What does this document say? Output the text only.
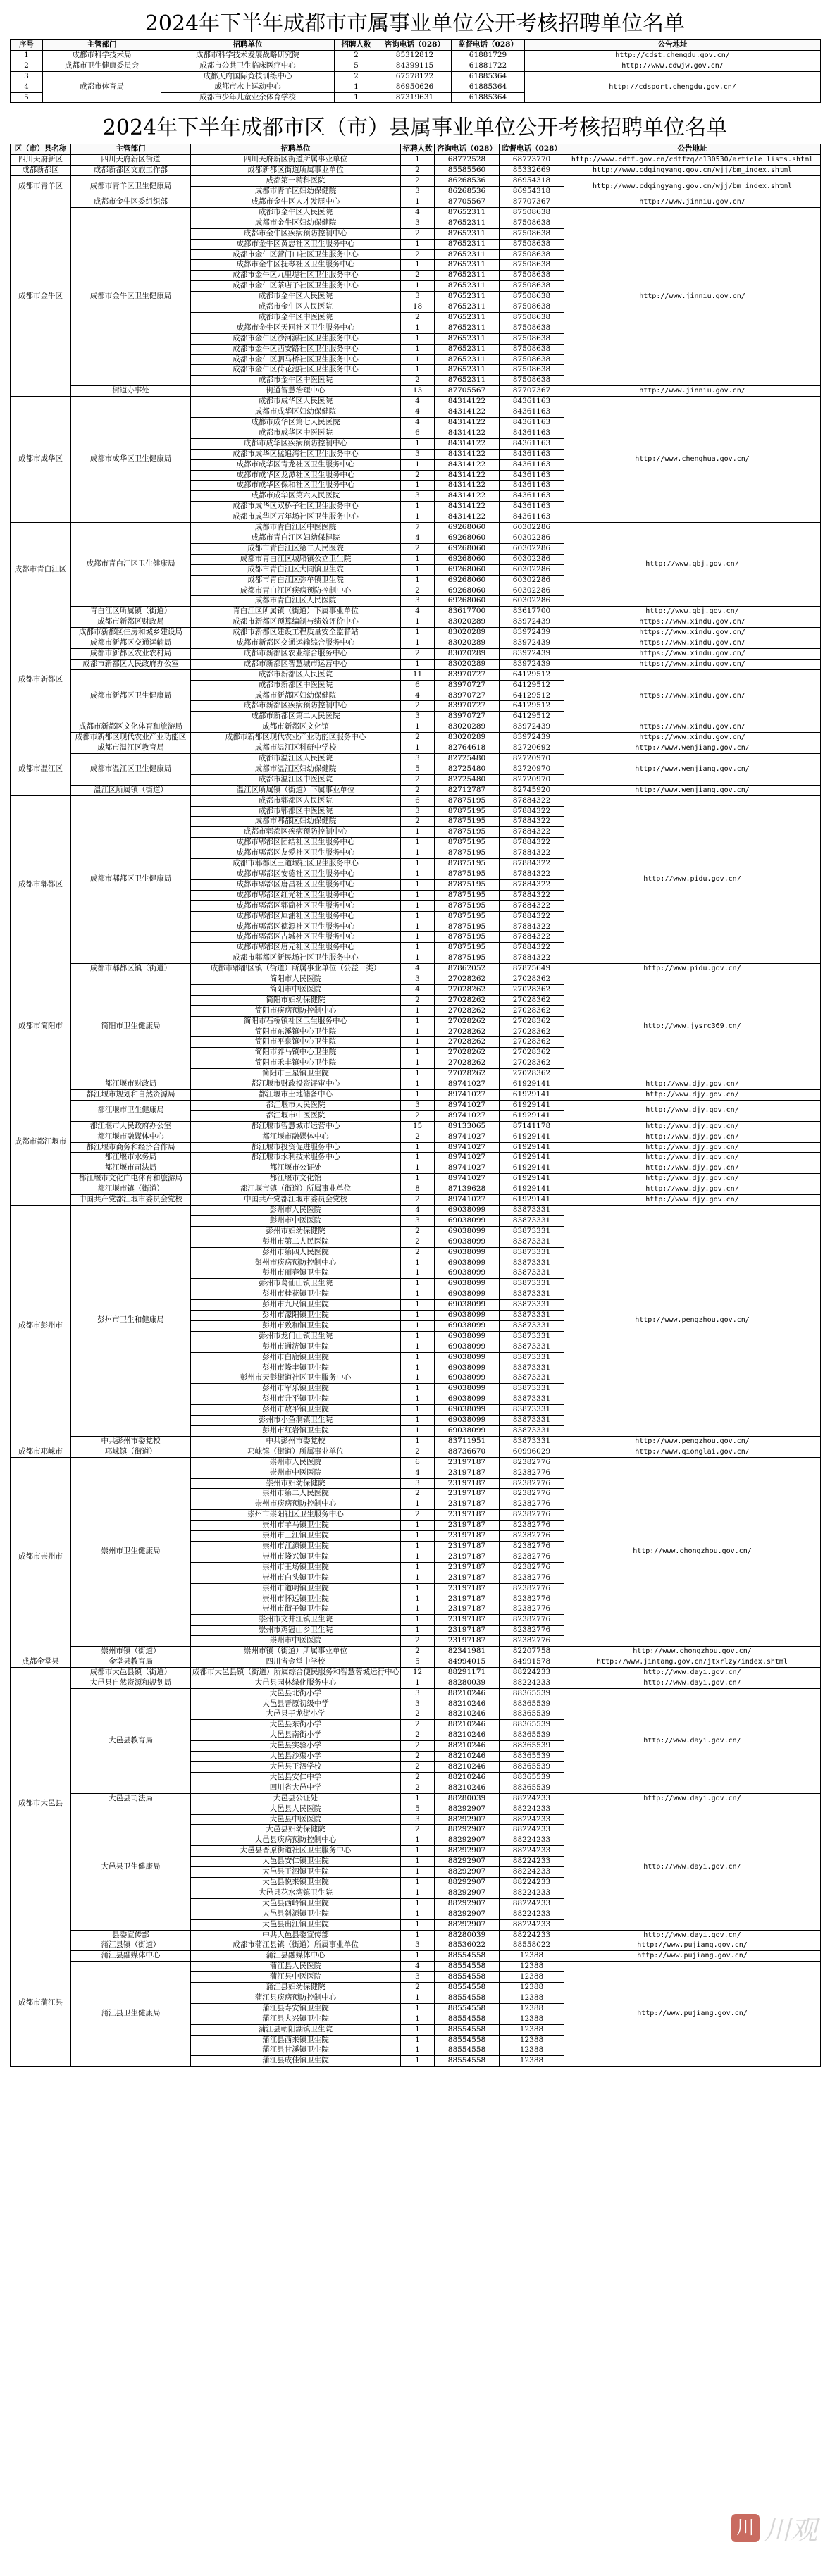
2024年下半年成都市市属事业单位公开考核招聘单位名单
序号	主管部门	招聘单位	招聘人数	咨询电话（028）	监督电话（028）	公告地址
1	成都市科学技术局	成都市科学技术发展战略研究院	2	85312812	61881729	http://cdst.chengdu.gov.cn/
2	成都市卫生健康委员会	成都市公共卫生临床医疗中心	5	84399115	61881722	http://www.cdwjw.gov.cn/
3	成都市体育局	成都天府国际竞技训练中心	2	67578122	61885364	http://cdsport.chengdu.gov.cn/
4		成都市水上运动中心	1	86950626	61885364	
5		成都市少年儿童业余体育学校	1	87319631	61885364	
2024年下半年成都市区（市）县属事业单位公开考核招聘单位名单
区（市）县名称	主管部门	招聘单位	招聘人数	咨询电话（028）	监督电话（028）	公告地址
四川天府新区	四川天府新区街道	四川天府新区街道所属事业单位	1	68772528	68773770	http://www.cdtf.gov.cn/cdtfzq/c130530/article_lists.shtml
成都新都区	成都新都区文旅工作部	成都新都区街道所属事业单位	2	85585560	85332669	http://www.cdqingyang.gov.cn/wjj/bm_index.shtml
成都市青羊区	成都市青羊区卫生健康局	成都第一精科医院	2	86268536	86954318	http://www.cdqingyang.gov.cn/wjj/bm_index.shtml
		成都市青羊区妇幼保健院	3	86268536	86954318	
成都市金牛区	成都市金牛区委组织部	成都市金牛区人才发展中心	1	87705567	87707367	http://www.jinniu.gov.cn/
	成都市金牛区卫生健康局	成都市金牛区人民医院	4	87652311	87508638	http://www.jinniu.gov.cn/
		成都市金牛区妇幼保健院	3	87652311	87508638	
		成都市金牛区疾病预防控制中心	2	87652311	87508638	
		成都市金牛区黄忠社区卫生服务中心	1	87652311	87508638	
		成都市金牛区营门口社区卫生服务中心	2	87652311	87508638	
		成都市金牛区抚琴社区卫生服务中心	1	87652311	87508638	
		成都市金牛区九里堤社区卫生服务中心	2	87652311	87508638	
		成都市金牛区茶店子社区卫生服务中心	1	87652311	87508638	
		成都市金牛区人民医院	3	87652311	87508638	
		成都市金牛区人民医院	18	87652311	87508638	
		成都市金牛区中医医院	2	87652311	87508638	
		成都市金牛区天回社区卫生服务中心	1	87652311	87508638	
		成都市金牛区沙河源社区卫生服务中心	1	87652311	87508638	
		成都市金牛区西安路社区卫生服务中心	1	87652311	87508638	
		成都市金牛区驷马桥社区卫生服务中心	1	87652311	87508638	
		成都市金牛区荷花池社区卫生服务中心	1	87652311	87508638	
		成都市金牛区中医医院	2	87652311	87508638	
	街道办事处	街道智慧治理中心	13	87705567	87707367	http://www.jinniu.gov.cn/
成都市成华区	成都市成华区卫生健康局	成都市成华区人民医院	4	84314122	84361163	http://www.chenghua.gov.cn/
		成都市成华区妇幼保健院	4	84314122	84361163	
		成都市成华区第七人民医院	4	84314122	84361163	
		成都市成华区中医医院	6	84314122	84361163	
		成都市成华区疾病预防控制中心	1	84314122	84361163	
		成都市成华区猛追湾社区卫生服务中心	3	84314122	84361163	
		成都市成华区青龙社区卫生服务中心	1	84314122	84361163	
		成都市成华区龙潭社区卫生服务中心	2	84314122	84361163	
		成都市成华区保和社区卫生服务中心	1	84314122	84361163	
		成都市成华区第六人民医院	3	84314122	84361163	
		成都市成华区双桥子社区卫生服务中心	1	84314122	84361163	
		成都市成华区万年场社区卫生服务中心	1	84314122	84361163	
成都市青白江区	成都市青白江区卫生健康局	成都市青白江区中医医院	7	69268060	60302286	http://www.qbj.gov.cn/
		成都市青白江区妇幼保健院	4	69268060	60302286	
		成都市青白江区第二人民医院	2	69268060	60302286	
		成都市青白江区城厢镇公立卫生院	1	69268060	60302286	
		成都市青白江区大同镇卫生院	1	69268060	60302286	
		成都市青白江区弥牟镇卫生院	1	69268060	60302286	
		成都市青白江区疾病预防控制中心	2	69268060	60302286	
		成都市青白江区人民医院	3	69268060	60302286	
	青白江区所属镇（街道）	青白江区所属镇（街道）下属事业单位	4	83617700	83617700	http://www.qbj.gov.cn/
成都市新都区	成都市新都区财政局	成都市新都区预算编制与绩效评价中心	1	83020289	83972439	https://www.xindu.gov.cn/
	成都市新都区住房和城乡建设局	成都市新都区建设工程质量安全监督站	1	83020289	83972439	https://www.xindu.gov.cn/
	成都市新都区交通运输局	成都市新都区交通运输综合服务中心	1	83020289	83972439	https://www.xindu.gov.cn/
	成都市新都区农业农村局	成都市新都区农业综合服务中心	2	83020289	83972439	https://www.xindu.gov.cn/
	成都市新都区人民政府办公室	成都市新都区智慧城市运营中心	1	83020289	83972439	https://www.xindu.gov.cn/
	成都市新都区卫生健康局	成都市新都区人民医院	11	83970727	64129512	https://www.xindu.gov.cn/
		成都市新都区中医医院	6	83970727	64129512	
		成都市新都区妇幼保健院	4	83970727	64129512	
		成都市新都区疾病预防控制中心	2	83970727	64129512	
		成都市新都区第二人民医院	3	83970727	64129512	
	成都市新都区文化体育和旅游局	成都市新都区文化馆	1	83020289	83972439	https://www.xindu.gov.cn/
	成都市新都区现代农业产业功能区	成都市新都区现代农业产业功能区服务中心	2	83020289	83972439	https://www.xindu.gov.cn/
成都市温江区	成都市温江区教育局	成都市温江区科研中学校	1	82764618	82720692	http://www.wenjiang.gov.cn/
	成都市温江区卫生健康局	成都市温江区人民医院	3	82725480	82720970	http://www.wenjiang.gov.cn/
		成都市温江区妇幼保健院	5	82725480	82720970	
		成都市温江区中医医院	2	82725480	82720970	
	温江区所属镇（街道）	温江区所属镇（街道）下属事业单位	2	82712787	82745920	http://www.wenjiang.gov.cn/
成都市郫都区	成都市郫都区卫生健康局	成都市郫都区人民医院	6	87875195	87884322	http://www.pidu.gov.cn/
		成都市郫都区中医医院	3	87875195	87884322	
		成都市郫都区妇幼保健院	2	87875195	87884322	
		成都市郫都区疾病预防控制中心	1	87875195	87884322	
		成都市郫都区团结社区卫生服务中心	1	87875195	87884322	
		成都市郫都区友爱社区卫生服务中心	1	87875195	87884322	
		成都市郫都区三道堰社区卫生服务中心	1	87875195	87884322	
		成都市郫都区安德社区卫生服务中心	1	87875195	87884322	
		成都市郫都区唐昌社区卫生服务中心	1	87875195	87884322	
		成都市郫都区红光社区卫生服务中心	1	87875195	87884322	
		成都市郫都区郫筒社区卫生服务中心	1	87875195	87884322	
		成都市郫都区犀浦社区卫生服务中心	1	87875195	87884322	
		成都市郫都区德源社区卫生服务中心	1	87875195	87884322	
		成都市郫都区古城社区卫生服务中心	1	87875195	87884322	
		成都市郫都区唐元社区卫生服务中心	1	87875195	87884322	
		成都市郫都区新民场社区卫生服务中心	1	87875195	87884322	
	成都市郫都区镇（街道）	成都市郫都区镇（街道）所属事业单位（公益一类）	4	87862052	87875649	http://www.pidu.gov.cn/
成都市简阳市	简阳市卫生健康局	简阳市人民医院	3	27028262	27028362	http://www.jysrc369.cn/
		简阳市中医医院	4	27028262	27028362	
		简阳市妇幼保健院	2	27028262	27028362	
		简阳市疾病预防控制中心	1	27028262	27028362	
		简阳市石桥镇社区卫生服务中心	1	27028262	27028362	
		简阳市东溪镇中心卫生院	1	27028262	27028362	
		简阳市平泉镇中心卫生院	1	27028262	27028362	
		简阳市养马镇中心卫生院	1	27028262	27028362	
		简阳市禾丰镇中心卫生院	1	27028262	27028362	
		简阳市三星镇卫生院	1	27028262	27028362	
成都市都江堰市	都江堰市财政局	都江堰市财政投资评审中心	1	89741027	61929141	http://www.djy.gov.cn/
	都江堰市规划和自然资源局	都江堰市土地储备中心	1	89741027	61929141	http://www.djy.gov.cn/
	都江堰市卫生健康局	都江堰市人民医院	3	89741027	61929141	http://www.djy.gov.cn/
		都江堰市中医医院	2	89741027	61929141	
	都江堰市人民政府办公室	都江堰市智慧城市运营中心	15	89133065	87141178	http://www.djy.gov.cn/
	都江堰市融媒体中心	都江堰市融媒体中心	2	89741027	61929141	http://www.djy.gov.cn/
	都江堰市商务和经济合作局	都江堰市投资促进服务中心	1	89741027	61929141	http://www.djy.gov.cn/
	都江堰市水务局	都江堰市水利技术服务中心	1	89741027	61929141	http://www.djy.gov.cn/
	都江堰市司法局	都江堰市公证处	1	89741027	61929141	http://www.djy.gov.cn/
	都江堰市文化广电体育和旅游局	都江堰市文化馆	1	89741027	61929141	http://www.djy.gov.cn/
	都江堰市镇（街道）	都江堰市镇（街道）所属事业单位	8	87139628	61929141	http://www.djy.gov.cn/
	中国共产党都江堰市委员会党校	中国共产党都江堰市委员会党校	2	89741027	61929141	http://www.djy.gov.cn/
成都市彭州市	彭州市卫生和健康局	彭州市人民医院	4	69038099	83873331	http://www.pengzhou.gov.cn/
		彭州市中医医院	3	69038099	83873331	
		彭州市妇幼保健院	2	69038099	83873331	
		彭州市第二人民医院	2	69038099	83873331	
		彭州市第四人民医院	2	69038099	83873331	
		彭州市疾病预防控制中心	1	69038099	83873331	
		彭州市丽春镇卫生院	1	69038099	83873331	
		彭州市葛仙山镇卫生院	1	69038099	83873331	
		彭州市桂花镇卫生院	1	69038099	83873331	
		彭州市九尺镇卫生院	1	69038099	83873331	
		彭州市濛阳镇卫生院	1	69038099	83873331	
		彭州市致和镇卫生院	1	69038099	83873331	
		彭州市龙门山镇卫生院	1	69038099	83873331	
		彭州市通济镇卫生院	1	69038099	83873331	
		彭州市白鹿镇卫生院	1	69038099	83873331	
		彭州市隆丰镇卫生院	1	69038099	83873331	
		彭州市天彭街道社区卫生服务中心	1	69038099	83873331	
		彭州市军乐镇卫生院	1	69038099	83873331	
		彭州市升平镇卫生院	1	69038099	83873331	
		彭州市敖平镇卫生院	1	69038099	83873331	
		彭州市小鱼洞镇卫生院	1	69038099	83873331	
		彭州市红岩镇卫生院	1	69038099	83873331	
	中共彭州市委党校	中共彭州市委党校	1	83711951	83873331	http://www.pengzhou.gov.cn/
成都市邛崃市	邛崃镇（街道）	邛崃镇（街道）所属事业单位	2	88736670	60996029	http://www.qionglai.gov.cn/
成都市崇州市	崇州市卫生健康局	崇州市人民医院	6	23197187	82382776	http://www.chongzhou.gov.cn/
		崇州市中医医院	4	23197187	82382776	
		崇州市妇幼保健院	3	23197187	82382776	
		崇州市第二人民医院	2	23197187	82382776	
		崇州市疾病预防控制中心	1	23197187	82382776	
		崇州市崇阳社区卫生服务中心	2	23197187	82382776	
		崇州市羊马镇卫生院	1	23197187	82382776	
		崇州市三江镇卫生院	1	23197187	82382776	
		崇州市江源镇卫生院	1	23197187	82382776	
		崇州市隆兴镇卫生院	1	23197187	82382776	
		崇州市王场镇卫生院	1	23197187	82382776	
		崇州市白头镇卫生院	1	23197187	82382776	
		崇州市道明镇卫生院	1	23197187	82382776	
		崇州市怀远镇卫生院	1	23197187	82382776	
		崇州市街子镇卫生院	1	23197187	82382776	
		崇州市文井江镇卫生院	1	23197187	82382776	
		崇州市鸡冠山乡卫生院	1	23197187	82382776	
		崇州市中医医院	2	23197187	82382776	
	崇州市镇（街道）	崇州市镇（街道）所属事业单位	2	82341981	82207758	http://www.chongzhou.gov.cn/
成都金堂县	金堂县教育局	四川省金堂中学校	5	84994015	84991578	http://www.jintang.gov.cn/jtxrlzy/index.shtml
成都市大邑县	成都市大邑县镇（街道）	成都市大邑县镇（街道）所属综合便民服务和智慧蓉城运行中心	12	88291171	88224233	http://www.dayi.gov.cn/
	大邑县自然资源和规划局	大邑县园林绿化服务中心	1	88280039	88224233	http://www.dayi.gov.cn/
	大邑县教育局	大邑县北街小学	3	88210246	88365539	http://www.dayi.gov.cn/
		大邑县晋原初级中学	3	88210246	88365539	
		大邑县子龙街小学	2	88210246	88365539	
		大邑县东街小学	2	88210246	88365539	
		大邑县南街小学	2	88210246	88365539	
		大邑县实验小学	2	88210246	88365539	
		大邑县沙渠小学	2	88210246	88365539	
		大邑县王泗学校	2	88210246	88365539	
		大邑县安仁中学	2	88210246	88365539	
		四川省大邑中学	2	88210246	88365539	
	大邑县司法局	大邑县公证处	1	88280039	88224233	http://www.dayi.gov.cn/
	大邑县卫生健康局	大邑县人民医院	5	88292907	88224233	http://www.dayi.gov.cn/
		大邑县中医医院	3	88292907	88224233	
		大邑县妇幼保健院	2	88292907	88224233	
		大邑县疾病预防控制中心	1	88292907	88224233	
		大邑县晋原街道社区卫生服务中心	1	88292907	88224233	
		大邑县安仁镇卫生院	1	88292907	88224233	
		大邑县王泗镇卫生院	1	88292907	88224233	
		大邑县悦来镇卫生院	1	88292907	88224233	
		大邑县花水湾镇卫生院	1	88292907	88224233	
		大邑县西岭镇卫生院	1	88292907	88224233	
		大邑县斜源镇卫生院	1	88292907	88224233	
		大邑县出江镇卫生院	1	88292907	88224233	
	县委宣传部	中共大邑县委宣传部	1	88280039	88224233	http://www.dayi.gov.cn/
成都市蒲江县	蒲江县镇（街道）	成都市蒲江县镇（街道）所属事业单位	3	88536022	88558022	http://www.pujiang.gov.cn/
	蒲江县融媒体中心	蒲江县融媒体中心	1	88554558	12388	http://www.pujiang.gov.cn/
	蒲江县卫生健康局	蒲江县人民医院	4	88554558	12388	http://www.pujiang.gov.cn/
		蒲江县中医医院	3	88554558	12388	
		蒲江县妇幼保健院	2	88554558	12388	
		蒲江县疾病预防控制中心	1	88554558	12388	
		蒲江县寿安镇卫生院	1	88554558	12388	
		蒲江县大兴镇卫生院	1	88554558	12388	
		蒲江县朝阳湖镇卫生院	1	88554558	12388	
		蒲江县西来镇卫生院	1	88554558	12388	
		蒲江县甘溪镇卫生院	1	88554558	12388	
		蒲江县成佳镇卫生院	1	88554558	12388	
川 川观
